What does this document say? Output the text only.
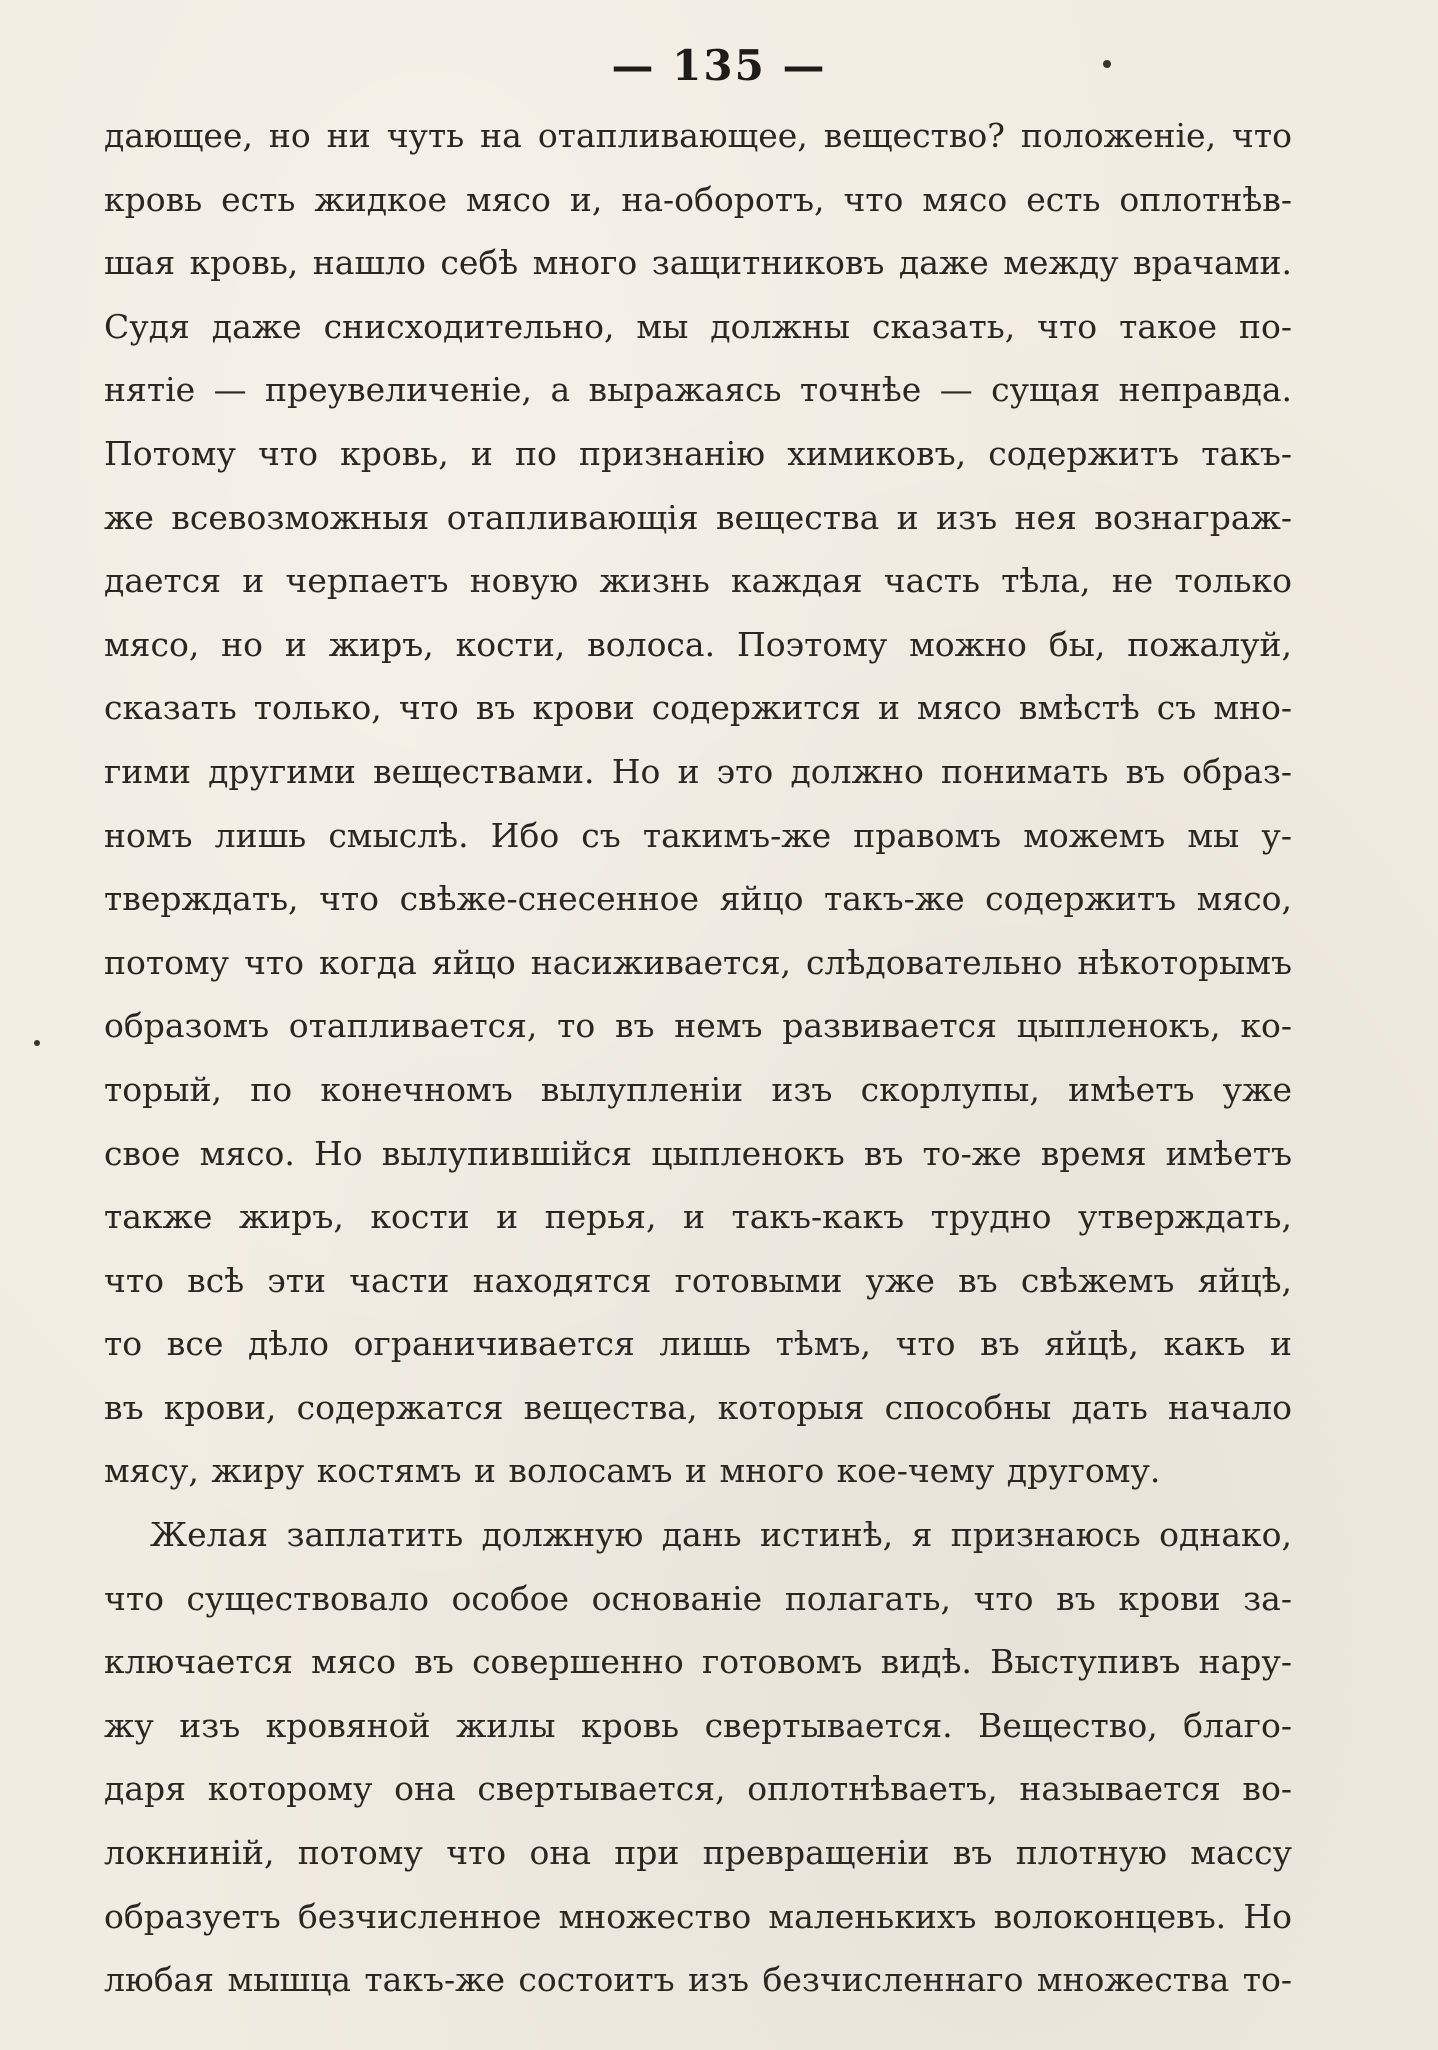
— 135 —
дающее, но ни чуть на отапливающее, вещество? положеніе, что
кровь есть жидкое мясо и, на-оборотъ, что мясо есть оплотнѣв-
шая кровь, нашло себѣ много защитниковъ даже между врачами.
Судя даже снисходительно, мы должны сказать, что такое по-
нятіе — преувеличеніе, а выражаясь точнѣе — сущая неправда.
Потому что кровь, и по признанію химиковъ, содержитъ такъ-
же всевозможныя отапливающія вещества и изъ нея вознаграж-
дается и черпаетъ новую жизнь каждая часть тѣла, не только
мясо, но и жиръ, кости, волоса. Поэтому можно бы, пожалуй,
сказать только, что въ крови содержится и мясо вмѣстѣ съ мно-
гими другими веществами. Но и это должно понимать въ образ-
номъ лишь смыслѣ. Ибо съ такимъ-же правомъ можемъ мы у-
тверждать, что свѣже-снесенное яйцо такъ-же содержитъ мясо,
потому что когда яйцо насиживается, слѣдовательно нѣкоторымъ
образомъ отапливается, то въ немъ развивается цыпленокъ, ко-
торый, по конечномъ вылупленіи изъ скорлупы, имѣетъ уже
свое мясо. Но вылупившійся цыпленокъ въ то-же время имѣетъ
также жиръ, кости и перья, и такъ-какъ трудно утверждать,
что всѣ эти части находятся готовыми уже въ свѣжемъ яйцѣ,
то все дѣло ограничивается лишь тѣмъ, что въ яйцѣ, какъ и
въ крови, содержатся вещества, которыя способны дать начало
мясу, жиру костямъ и волосамъ и много кое-чему другому.
Желая заплатить должную дань истинѣ, я признаюсь однако,
что существовало особое основаніе полагать, что въ крови за-
ключается мясо въ совершенно готовомъ видѣ. Выступивъ нару-
жу изъ кровяной жилы кровь свертывается. Вещество, благо-
даря которому она свертывается, оплотнѣваетъ, называется во-
локниній, потому что она при превращеніи въ плотную массу
образуетъ безчисленное множество маленькихъ волоконцевъ. Но
любая мышца такъ-же состоитъ изъ безчисленнаго множества то-
